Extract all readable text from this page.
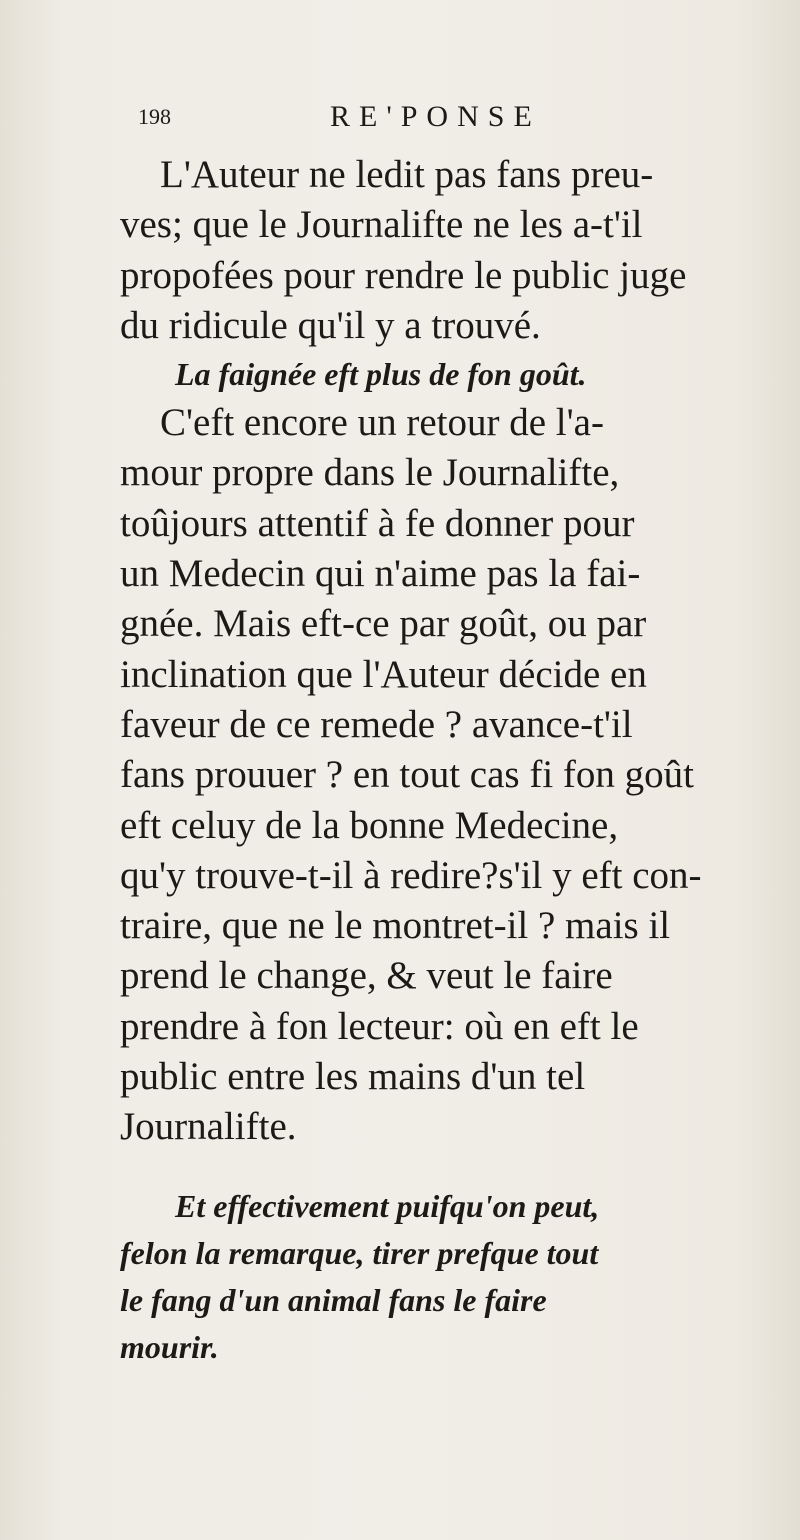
198	RE'PONSE
L'Auteur ne ledit pas fans preu-
ves; que le Journalifte ne les a-t'il
propofées pour rendre le public juge
du ridicule qu'il y a trouvé.
La faignée eft plus de fon goût.
C'eft encore un retour de l'a-
mour propre dans le Journalifte,
toûjours attentif à fe donner pour
un Medecin qui n'aime pas la fai-
gnée. Mais eft-ce par goût, ou par
inclination que l'Auteur décide en
faveur de ce remede ? avance-t'il
fans prouuer ? en tout cas fi fon goût
eft celuy de la bonne Medecine,
qu'y trouve-t-il à redire?s'il y eft con-
traire, que ne le montret-il ? mais il
prend le change, & veut le faire
prendre à fon lecteur: où en eft le
public entre les mains d'un tel
Journalifte.
Et effectivement puifqu'on peut,
felon la remarque, tirer prefque tout
le fang d'un animal fans le faire
mourir.
